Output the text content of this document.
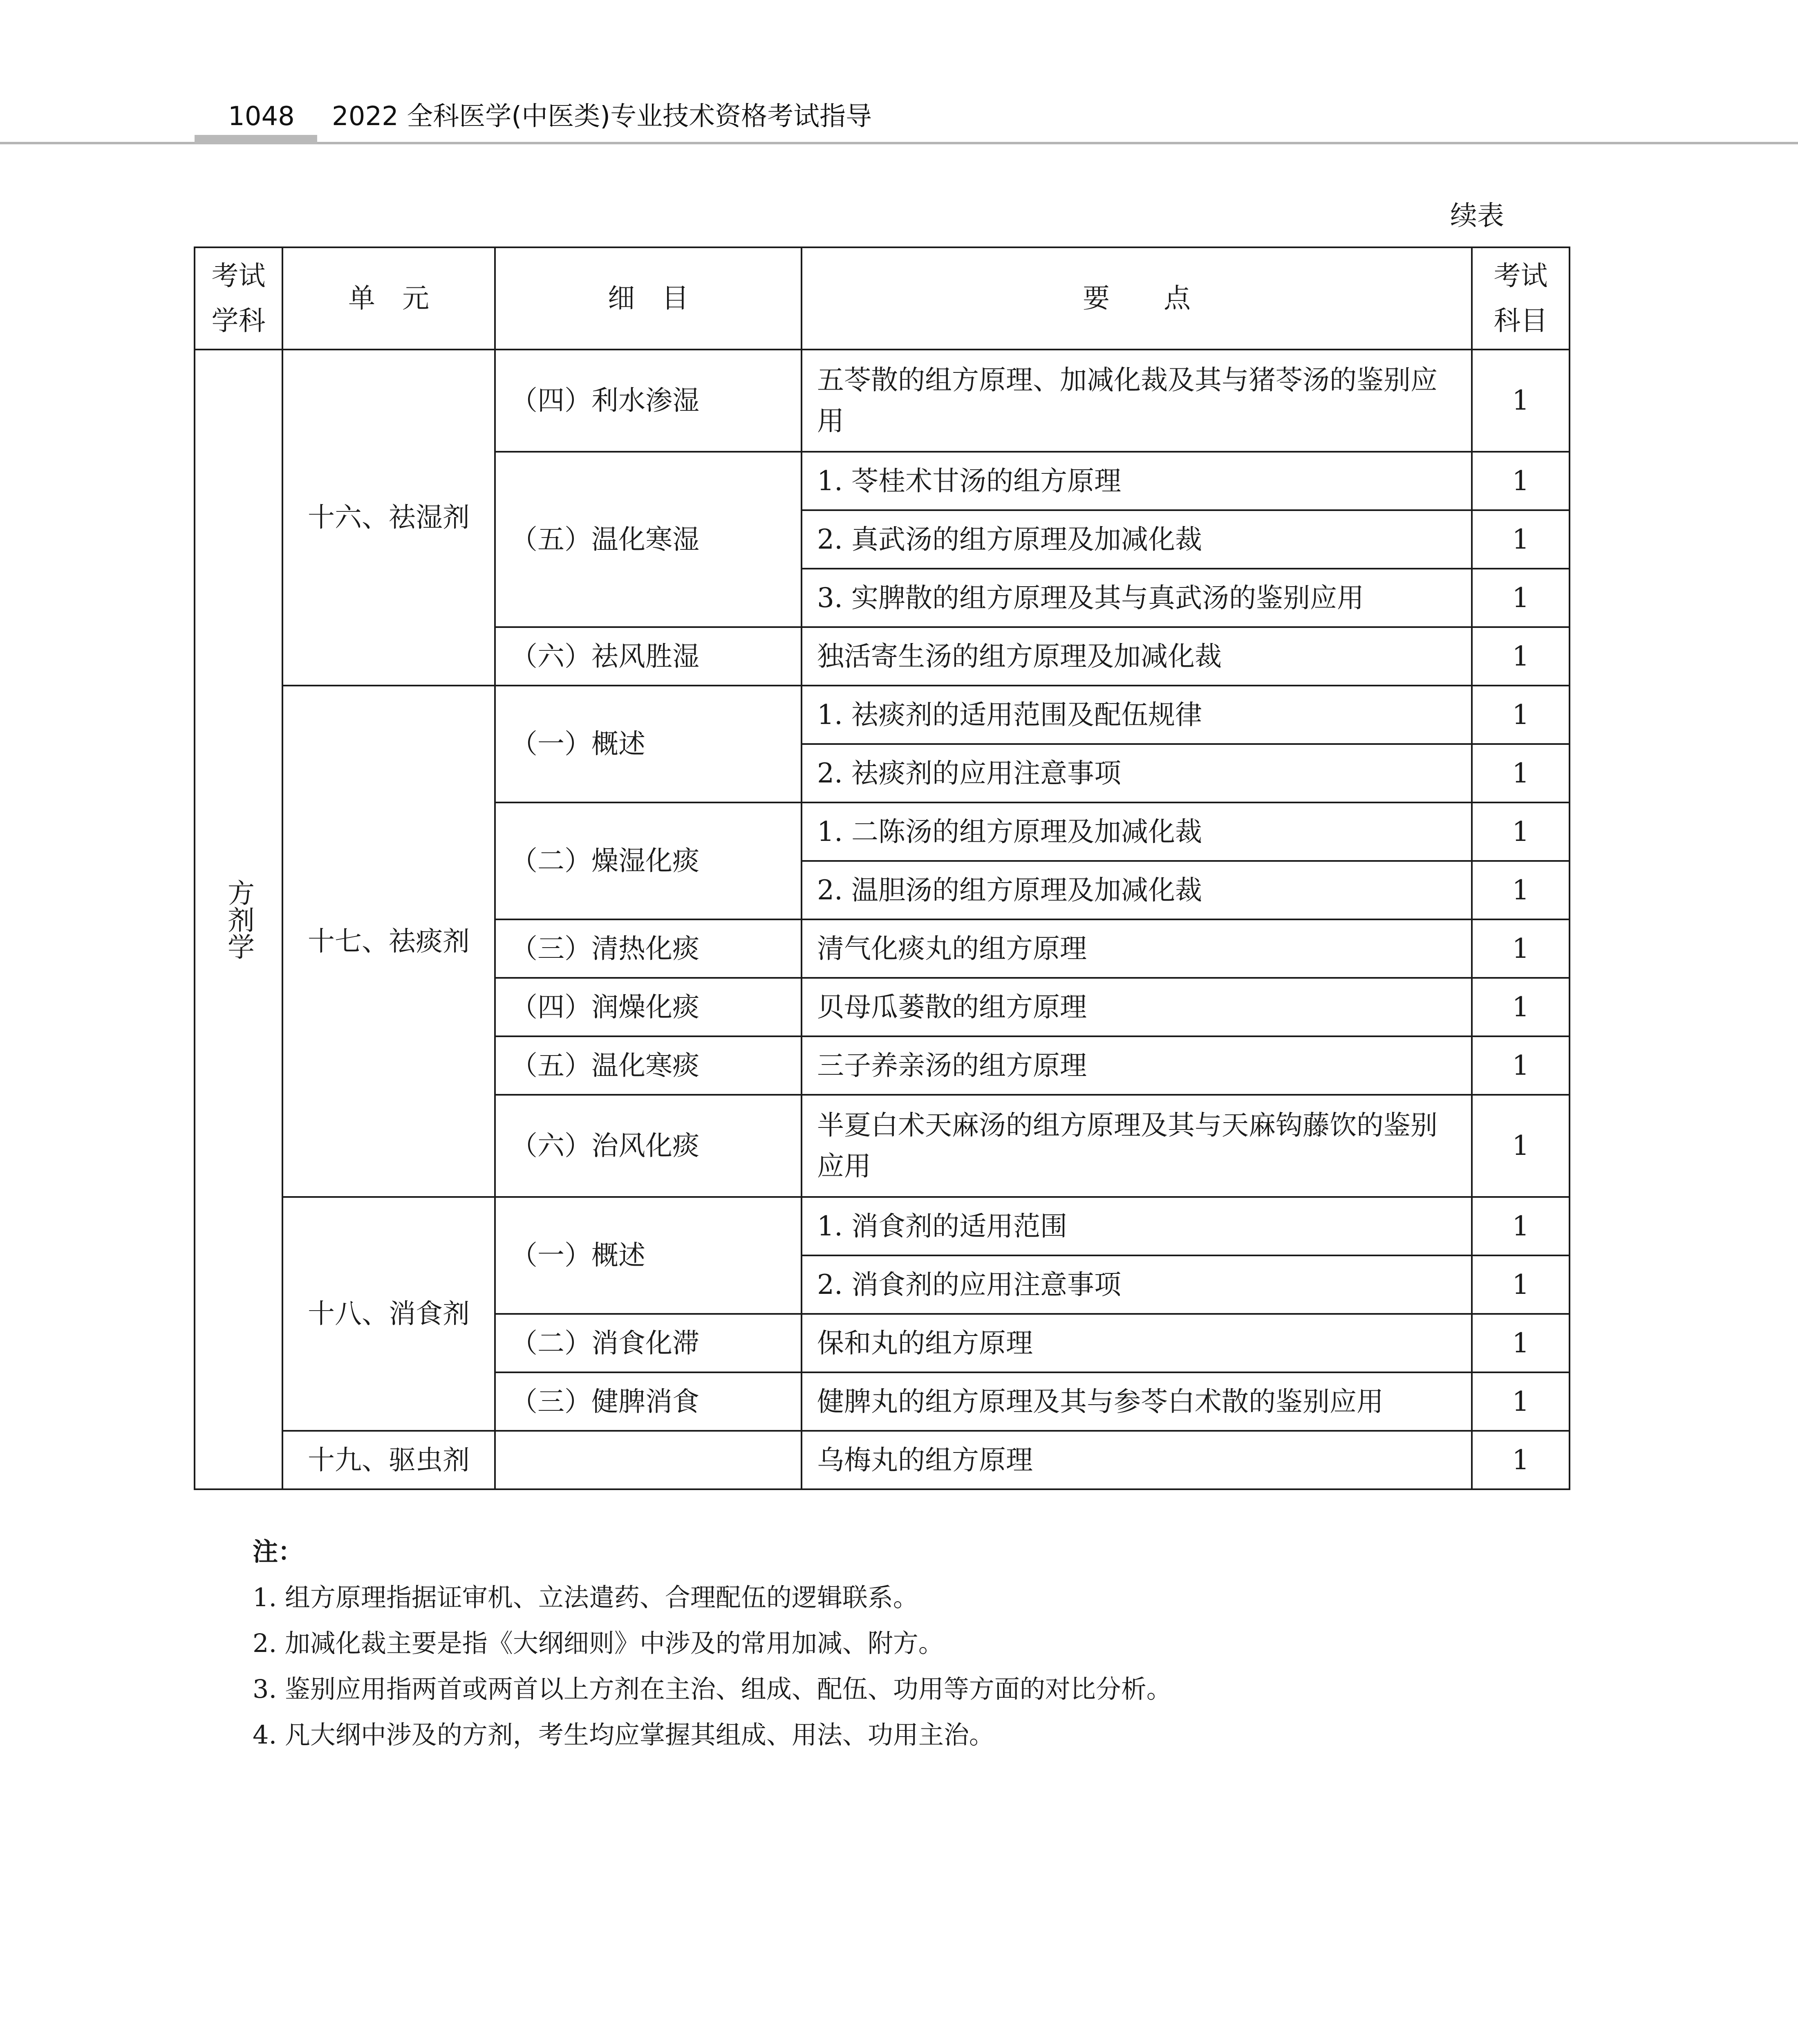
1048 2022 全科医学(中医类)专业技术资格考试指导
续表
考试学科	单　元	细　目	要　　点	考试科目

方剂学	十六、祛湿剂	（四）利水渗湿	五苓散的组方原理、加减化裁及其与猪苓汤的鉴别应用	1
		（五）温化寒湿	1. 苓桂术甘汤的组方原理	1
			2. 真武汤的组方原理及加减化裁	1
			3. 实脾散的组方原理及其与真武汤的鉴别应用	1
		（六）祛风胜湿	独活寄生汤的组方原理及加减化裁	1
	十七、祛痰剂	（一）概述	1. 祛痰剂的适用范围及配伍规律	1
			2. 祛痰剂的应用注意事项	1
		（二）燥湿化痰	1. 二陈汤的组方原理及加减化裁	1
			2. 温胆汤的组方原理及加减化裁	1
		（三）清热化痰	清气化痰丸的组方原理	1
		（四）润燥化痰	贝母瓜蒌散的组方原理	1
		（五）温化寒痰	三子养亲汤的组方原理	1
		（六）治风化痰	半夏白术天麻汤的组方原理及其与天麻钩藤饮的鉴别应用	1
	十八、消食剂	（一）概述	1. 消食剂的适用范围	1
			2. 消食剂的应用注意事项	1
		（二）消食化滞	保和丸的组方原理	1
		（三）健脾消食	健脾丸的组方原理及其与参苓白术散的鉴别应用	1
	十九、驱虫剂		乌梅丸的组方原理	1
注：
1. 组方原理指据证审机、立法遣药、合理配伍的逻辑联系。
2. 加减化裁主要是指《大纲细则》中涉及的常用加减、附方。
3. 鉴别应用指两首或两首以上方剂在主治、组成、配伍、功用等方面的对比分析。
4. 凡大纲中涉及的方剂，考生均应掌握其组成、用法、功用主治。
